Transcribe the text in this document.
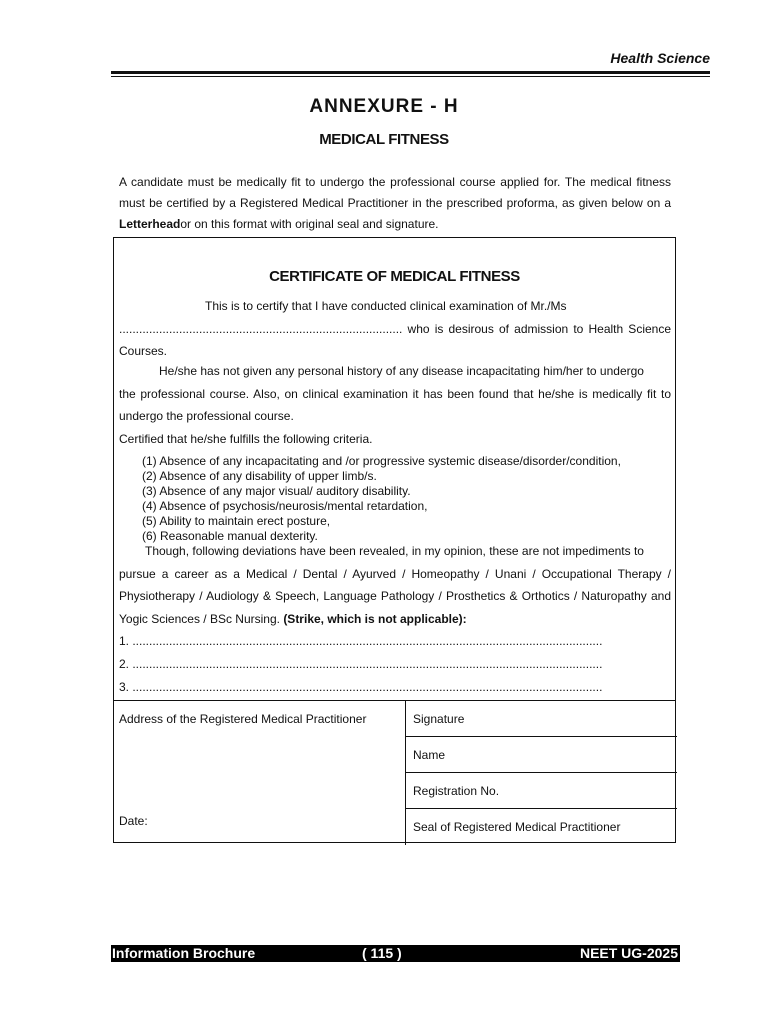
Health Science
ANNEXURE - H
MEDICAL FITNESS
A candidate must be medically fit to undergo the professional course applied for. The medical fitness must be certified by a Registered Medical Practitioner in the prescribed proforma, as given below on a Letterheador on this format with original seal and signature.
CERTIFICATE OF MEDICAL FITNESS
This is to certify that I have conducted clinical examination of Mr./Ms
..................................................................................... who is desirous of admission to Health Science Courses.
He/she has not given any personal history of any disease incapacitating him/her to undergo
the professional course. Also, on clinical examination it has been found that he/she is medically fit to undergo the professional course.
Certified that he/she fulfills the following criteria.
(1) Absence of any incapacitating and /or progressive systemic disease/disorder/condition,
(2) Absence of any disability of upper limb/s.
(3) Absence of any major visual/ auditory disability.
(4) Absence of psychosis/neurosis/mental retardation,
(5) Ability to maintain erect posture,
(6) Reasonable manual dexterity.
Though, following deviations have been revealed, in my opinion, these are not impediments to
pursue a career as a Medical / Dental / Ayurved / Homeopathy / Unani / Occupational Therapy / Physiotherapy / Audiology & Speech, Language Pathology / Prosthetics & Orthotics / Naturopathy and Yogic Sciences / BSc Nursing. (Strike, which is not applicable):
1. .............................................................................................................................................
2. .............................................................................................................................................
3. .............................................................................................................................................
Address of the Registered Medical Practitioner
Date:
Signature
Name
Registration No.
Seal of Registered Medical Practitioner
Information Brochure	( 115 )	NEET UG-2025
